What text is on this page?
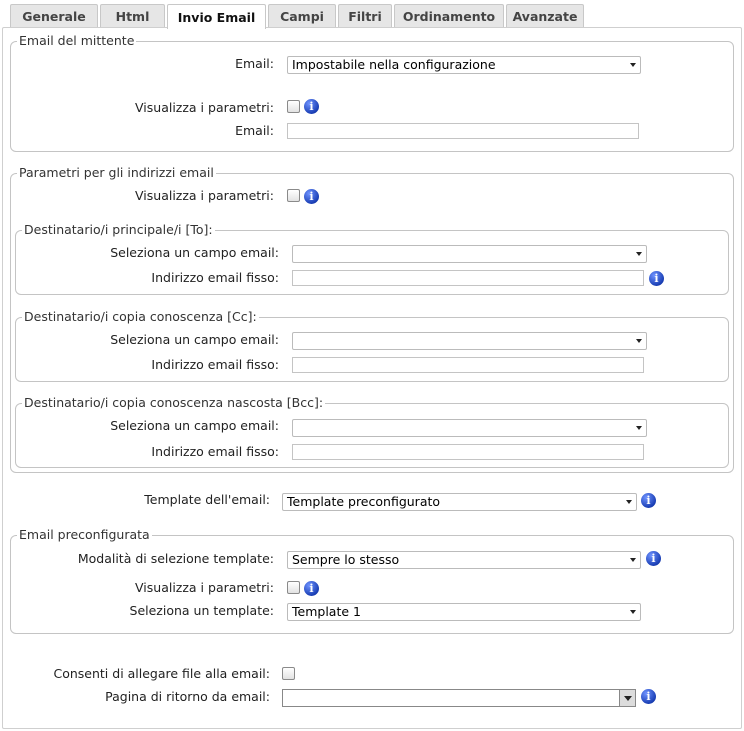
Generale	Html	Invio Email	Campi	Filtri	Ordinamento	Avanzate
Email del mittente
Email:	Impostabile nella configurazione
Visualizza i parametri:	i
Email:
Parametri per gli indirizzi email
Visualizza i parametri:	i
Destinatario/i principale/i [To]:
Seleziona un campo email:
Indirizzo email fisso:	i
Destinatario/i copia conoscenza [Cc]:
Seleziona un campo email:
Indirizzo email fisso:
Destinatario/i copia conoscenza nascosta [Bcc]:
Seleziona un campo email:
Indirizzo email fisso:
Template dell'email:	Template preconfigurato	i
Email preconfigurata
Modalità di selezione template:	Sempre lo stesso	i
Visualizza i parametri:	i
Seleziona un template:	Template 1
Consenti di allegare file alla email:
Pagina di ritorno da email:	i
